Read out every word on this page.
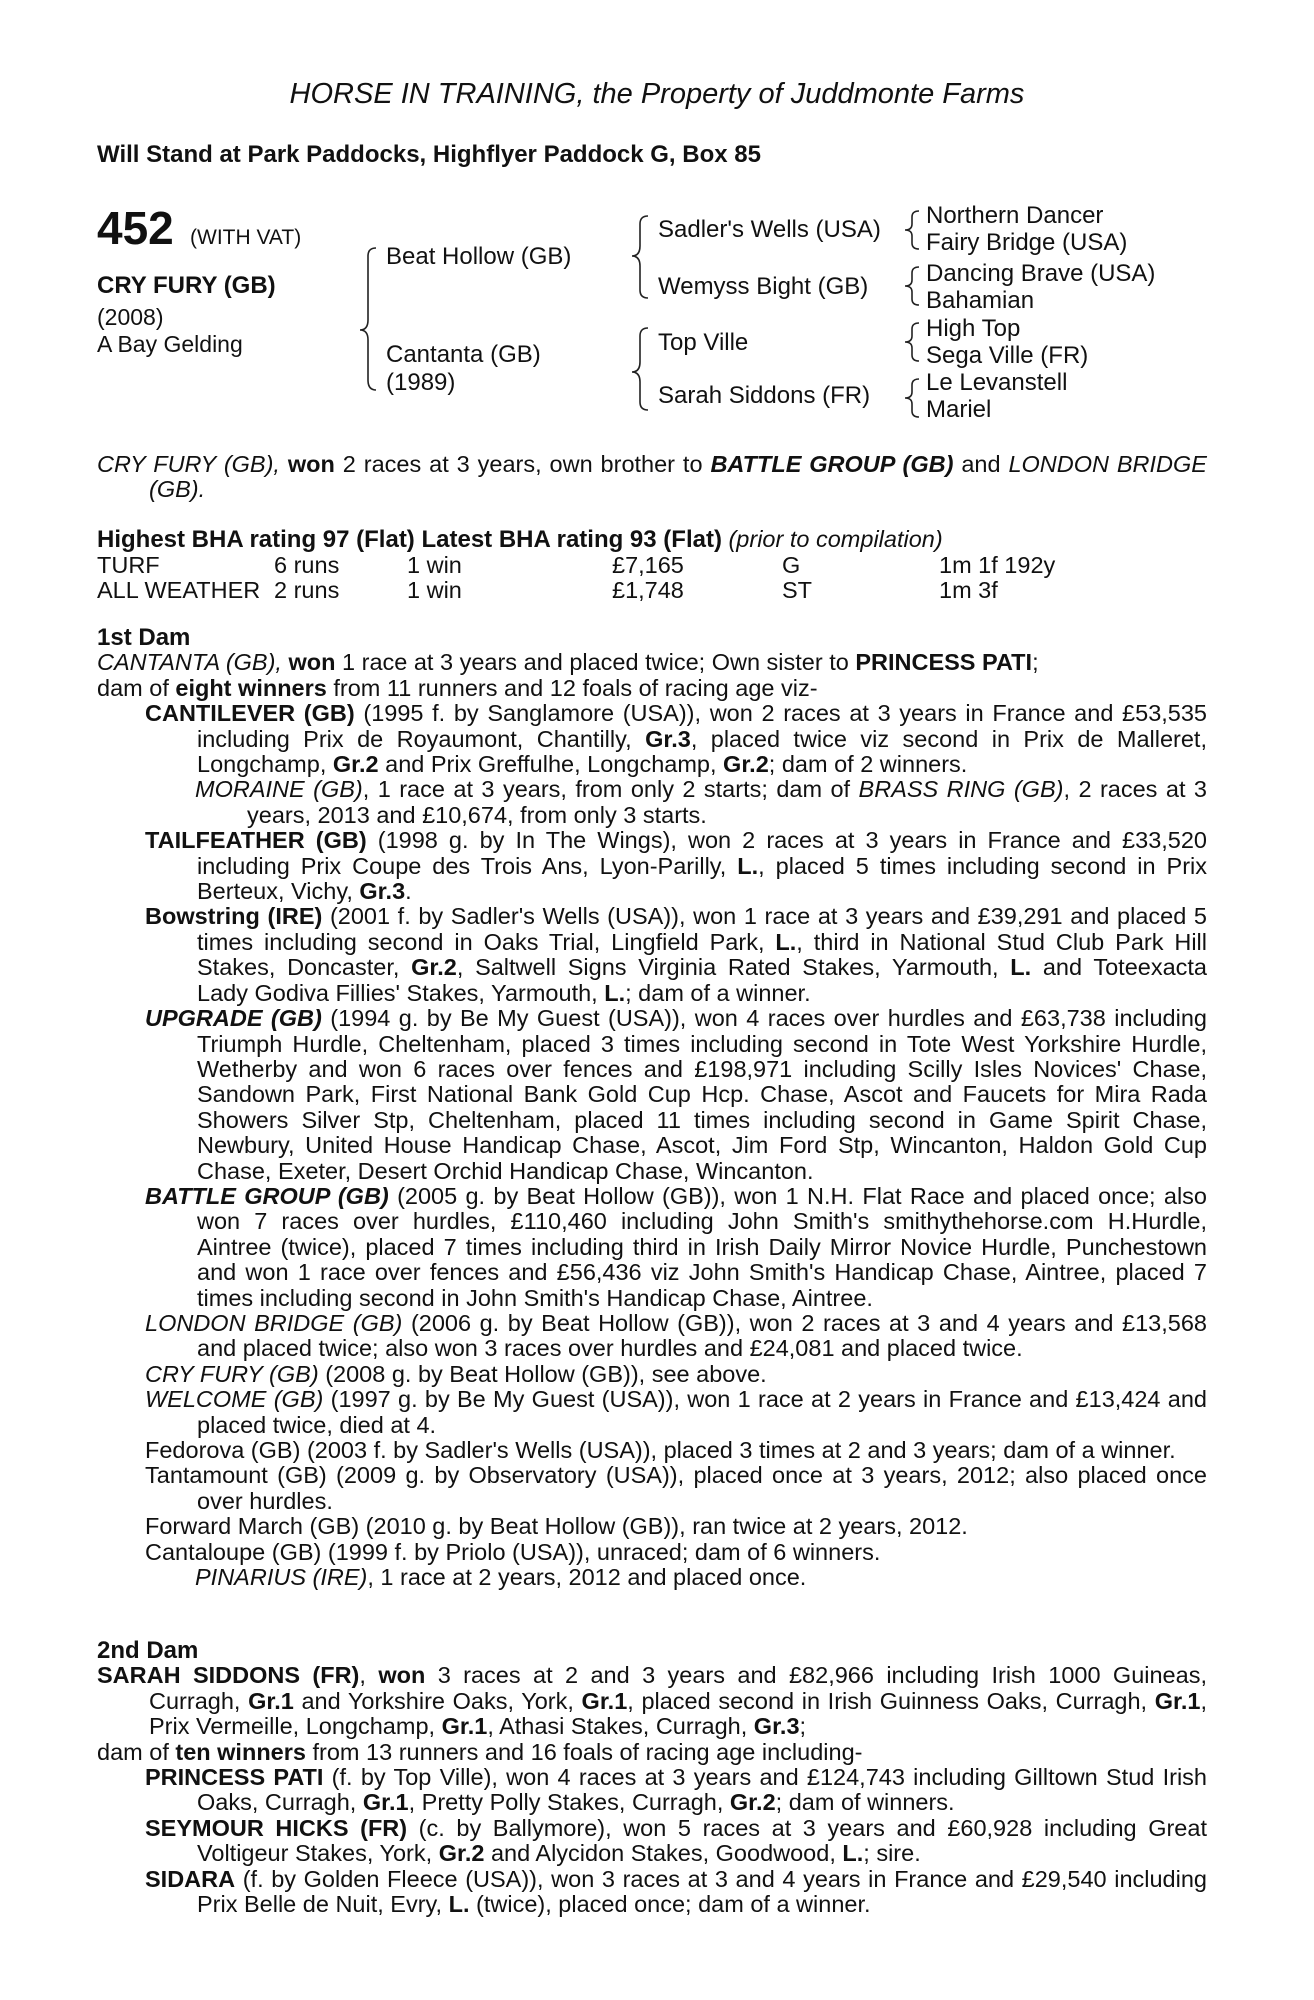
HORSE IN TRAINING, the Property of Juddmonte Farms
Will Stand at Park Paddocks, Highflyer Paddock G, Box 85
452 (WITH VAT)
CRY FURY (GB)
(2008)
A Bay Gelding
Beat Hollow (GB)
Cantanta (GB)
(1989)
Sadler's Wells (USA)
Wemyss Bight (GB)
Top Ville
Sarah Siddons (FR)
Northern Dancer
Fairy Bridge (USA)
Dancing Brave (USA)
Bahamian
High Top
Sega Ville (FR)
Le Levanstell
Mariel

CRY FURY (GB), won 2 races at 3 years, own brother to BATTLE GROUP (GB) and LONDON BRIDGE (GB).

Highest BHA rating 97 (Flat) Latest BHA rating 93 (Flat) (prior to compilation)
TURF	6 runs	1 win	£7,165	G	1m 1f 192y
ALL WEATHER	2 runs	1 win	£1,748	ST	1m 3f
1st Dam

CANTANTA (GB), won 1 race at 3 years and placed twice; Own sister to PRINCESS PATI;

dam of eight winners from 11 runners and 12 foals of racing age viz-

CANTILEVER (GB) (1995 f. by Sanglamore (USA)), won 2 races at 3 years in France and £53,535 including Prix de Royaumont, Chantilly, Gr.3, placed twice viz second in Prix de Malleret, Longchamp, Gr.2 and Prix Greffulhe, Longchamp, Gr.2; dam of 2 winners.

MORAINE (GB), 1 race at 3 years, from only 2 starts; dam of BRASS RING (GB), 2 races at 3 years, 2013 and £10,674, from only 3 starts.

TAILFEATHER (GB) (1998 g. by In The Wings), won 2 races at 3 years in France and £33,520 including Prix Coupe des Trois Ans, Lyon-Parilly, L., placed 5 times including second in Prix Berteux, Vichy, Gr.3.

Bowstring (IRE) (2001 f. by Sadler's Wells (USA)), won 1 race at 3 years and £39,291 and placed 5 times including second in Oaks Trial, Lingfield Park, L., third in National Stud Club Park Hill Stakes, Doncaster, Gr.2, Saltwell Signs Virginia Rated Stakes, Yarmouth, L. and Toteexacta Lady Godiva Fillies' Stakes, Yarmouth, L.; dam of a winner.

UPGRADE (GB) (1994 g. by Be My Guest (USA)), won 4 races over hurdles and £63,738 including Triumph Hurdle, Cheltenham, placed 3 times including second in Tote West Yorkshire Hurdle, Wetherby and won 6 races over fences and £198,971 including Scilly Isles Novices' Chase, Sandown Park, First National Bank Gold Cup Hcp. Chase, Ascot and Faucets for Mira Rada Showers Silver Stp, Cheltenham, placed 11 times including second in Game Spirit Chase, Newbury, United House Handicap Chase, Ascot, Jim Ford Stp, Wincanton, Haldon Gold Cup Chase, Exeter, Desert Orchid Handicap Chase, Wincanton.

BATTLE GROUP (GB) (2005 g. by Beat Hollow (GB)), won 1 N.H. Flat Race and placed once; also won 7 races over hurdles, £110,460 including John Smith's smithythehorse.com H.Hurdle, Aintree (twice), placed 7 times including third in Irish Daily Mirror Novice Hurdle, Punchestown and won 1 race over fences and £56,436 viz John Smith's Handicap Chase, Aintree, placed 7 times including second in John Smith's Handicap Chase, Aintree.

LONDON BRIDGE (GB) (2006 g. by Beat Hollow (GB)), won 2 races at 3 and 4 years and £13,568 and placed twice; also won 3 races over hurdles and £24,081 and placed twice.

CRY FURY (GB) (2008 g. by Beat Hollow (GB)), see above.

WELCOME (GB) (1997 g. by Be My Guest (USA)), won 1 race at 2 years in France and £13,424 and placed twice, died at 4.

Fedorova (GB) (2003 f. by Sadler's Wells (USA)), placed 3 times at 2 and 3 years; dam of a winner.

Tantamount (GB) (2009 g. by Observatory (USA)), placed once at 3 years, 2012; also placed once over hurdles.

Forward March (GB) (2010 g. by Beat Hollow (GB)), ran twice at 2 years, 2012.

Cantaloupe (GB) (1999 f. by Priolo (USA)), unraced; dam of 6 winners.

PINARIUS (IRE), 1 race at 2 years, 2012 and placed once.

2nd Dam

SARAH SIDDONS (FR), won 3 races at 2 and 3 years and £82,966 including Irish 1000 Guineas, Curragh, Gr.1 and Yorkshire Oaks, York, Gr.1, placed second in Irish Guinness Oaks, Curragh, Gr.1, Prix Vermeille, Longchamp, Gr.1, Athasi Stakes, Curragh, Gr.3;

dam of ten winners from 13 runners and 16 foals of racing age including-

PRINCESS PATI (f. by Top Ville), won 4 races at 3 years and £124,743 including Gilltown Stud Irish Oaks, Curragh, Gr.1, Pretty Polly Stakes, Curragh, Gr.2; dam of winners.

SEYMOUR HICKS (FR) (c. by Ballymore), won 5 races at 3 years and £60,928 including Great Voltigeur Stakes, York, Gr.2 and Alycidon Stakes, Goodwood, L.; sire.

SIDARA (f. by Golden Fleece (USA)), won 3 races at 3 and 4 years in France and £29,540 including Prix Belle de Nuit, Evry, L. (twice), placed once; dam of a winner.
